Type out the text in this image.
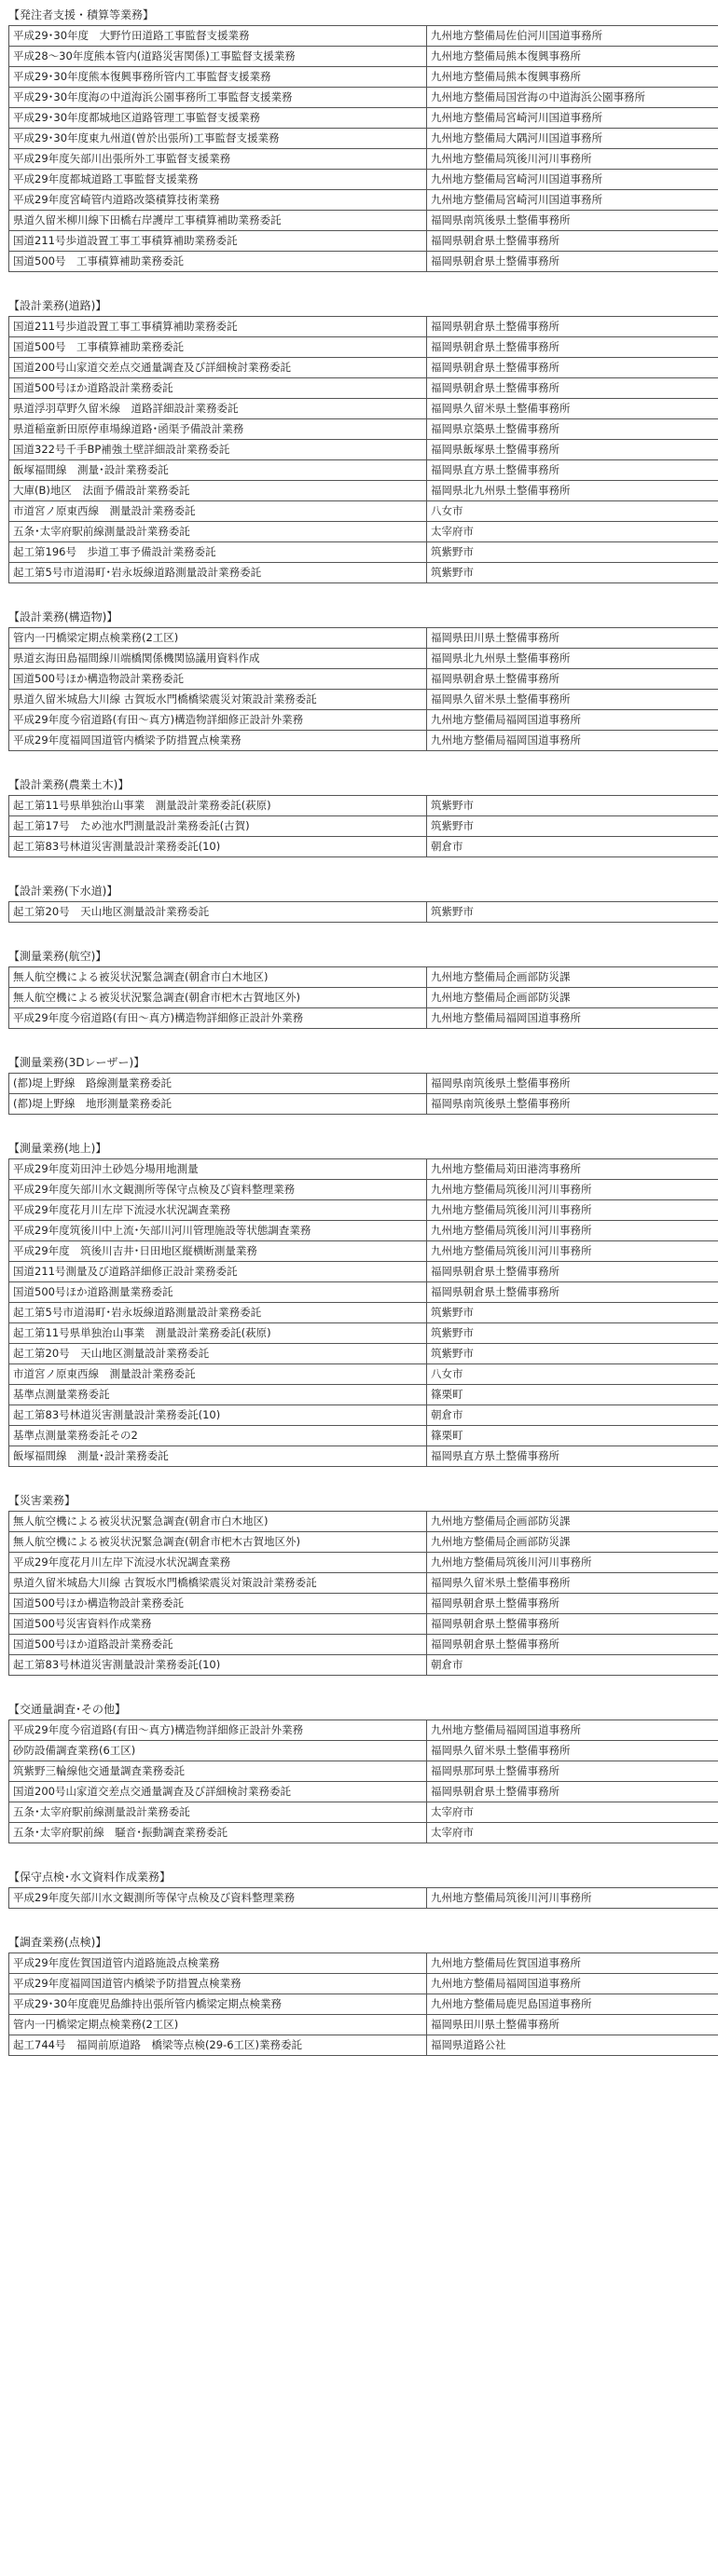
【発注者支援・積算等業務】
平成29･30年度　大野竹田道路工事監督支援業務	九州地方整備局佐伯河川国道事務所
平成28～30年度熊本管内(道路災害関係)工事監督支援業務	九州地方整備局熊本復興事務所
平成29･30年度熊本復興事務所管内工事監督支援業務	九州地方整備局熊本復興事務所
平成29･30年度海の中道海浜公園事務所工事監督支援業務	九州地方整備局国営海の中道海浜公園事務所
平成29･30年度都城地区道路管理工事監督支援業務	九州地方整備局宮崎河川国道事務所
平成29･30年度東九州道(曽於出張所)工事監督支援業務	九州地方整備局大隅河川国道事務所
平成29年度矢部川出張所外工事監督支援業務	九州地方整備局筑後川河川事務所
平成29年度都城道路工事監督支援業務	九州地方整備局宮崎河川国道事務所
平成29年度宮崎管内道路改築積算技術業務	九州地方整備局宮崎河川国道事務所
県道久留米柳川線下田橋右岸護岸工事積算補助業務委託	福岡県南筑後県土整備事務所
国道211号歩道設置工事工事積算補助業務委託	福岡県朝倉県土整備事務所
国道500号　工事積算補助業務委託	福岡県朝倉県土整備事務所
【設計業務(道路)】
国道211号歩道設置工事工事積算補助業務委託	福岡県朝倉県土整備事務所
国道500号　工事積算補助業務委託	福岡県朝倉県土整備事務所
国道200号山家道交差点交通量調査及び詳細検討業務委託	福岡県朝倉県土整備事務所
国道500号ほか道路設計業務委託	福岡県朝倉県土整備事務所
県道浮羽草野久留米線　道路詳細設計業務委託	福岡県久留米県土整備事務所
県道稲童新田原停車場線道路･函渠予備設計業務	福岡県京築県土整備事務所
国道322号千手BP補強土壁詳細設計業務委託	福岡県飯塚県土整備事務所
飯塚福間線　測量･設計業務委託	福岡県直方県土整備事務所
大庫(B)地区　法面予備設計業務委託	福岡県北九州県土整備事務所
市道宮ノ原東西線　測量設計業務委託	八女市
五条･太宰府駅前線測量設計業務委託	太宰府市
起工第196号　歩道工事予備設計業務委託	筑紫野市
起工第5号市道湯町･岩永坂線道路測量設計業務委託	筑紫野市
【設計業務(構造物)】
管内一円橋梁定期点検業務(2工区)	福岡県田川県土整備事務所
県道玄海田島福間線川端橋関係機関協議用資料作成	福岡県北九州県土整備事務所
国道500号ほか構造物設計業務委託	福岡県朝倉県土整備事務所
県道久留米城島大川線 古賀坂水門橋橋梁震災対策設計業務委託	福岡県久留米県土整備事務所
平成29年度今宿道路(有田～真方)構造物詳細修正設計外業務	九州地方整備局福岡国道事務所
平成29年度福岡国道管内橋梁予防措置点検業務	九州地方整備局福岡国道事務所
【設計業務(農業土木)】
起工第11号県単独治山事業　測量設計業務委託(萩原)	筑紫野市
起工第17号　ため池水門測量設計業務委託(古賀)	筑紫野市
起工第83号林道災害測量設計業務委託(10)	朝倉市
【設計業務(下水道)】
起工第20号　天山地区測量設計業務委託	筑紫野市
【測量業務(航空)】
無人航空機による被災状況緊急調査(朝倉市白木地区)	九州地方整備局企画部防災課
無人航空機による被災状況緊急調査(朝倉市杷木古賀地区外)	九州地方整備局企画部防災課
平成29年度今宿道路(有田～真方)構造物詳細修正設計外業務	九州地方整備局福岡国道事務所
【測量業務(3Dレーザー)】
(都)堤上野線　路線測量業務委託	福岡県南筑後県土整備事務所
(都)堤上野線　地形測量業務委託	福岡県南筑後県土整備事務所
【測量業務(地上)】
平成29年度苅田沖土砂処分場用地測量	九州地方整備局苅田港湾事務所
平成29年度矢部川水文観測所等保守点検及び資料整理業務	九州地方整備局筑後川河川事務所
平成29年度花月川左岸下流浸水状況調査業務	九州地方整備局筑後川河川事務所
平成29年度筑後川中上流･矢部川河川管理施設等状態調査業務	九州地方整備局筑後川河川事務所
平成29年度　筑後川吉井･日田地区縦横断測量業務	九州地方整備局筑後川河川事務所
国道211号測量及び道路詳細修正設計業務委託	福岡県朝倉県土整備事務所
国道500号ほか道路測量業務委託	福岡県朝倉県土整備事務所
起工第5号市道湯町･岩永坂線道路測量設計業務委託	筑紫野市
起工第11号県単独治山事業　測量設計業務委託(萩原)	筑紫野市
起工第20号　天山地区測量設計業務委託	筑紫野市
市道宮ノ原東西線　測量設計業務委託	八女市
基準点測量業務委託	篠栗町
起工第83号林道災害測量設計業務委託(10)	朝倉市
基準点測量業務委託その2	篠栗町
飯塚福間線　測量･設計業務委託	福岡県直方県土整備事務所
【災害業務】
無人航空機による被災状況緊急調査(朝倉市白木地区)	九州地方整備局企画部防災課
無人航空機による被災状況緊急調査(朝倉市杷木古賀地区外)	九州地方整備局企画部防災課
平成29年度花月川左岸下流浸水状況調査業務	九州地方整備局筑後川河川事務所
県道久留米城島大川線 古賀坂水門橋橋梁震災対策設計業務委託	福岡県久留米県土整備事務所
国道500号ほか構造物設計業務委託	福岡県朝倉県土整備事務所
国道500号災害資料作成業務	福岡県朝倉県土整備事務所
国道500号ほか道路設計業務委託	福岡県朝倉県土整備事務所
起工第83号林道災害測量設計業務委託(10)	朝倉市
【交通量調査･その他】
平成29年度今宿道路(有田～真方)構造物詳細修正設計外業務	九州地方整備局福岡国道事務所
砂防設備調査業務(6工区)	福岡県久留米県土整備事務所
筑紫野三輪線他交通量調査業務委託	福岡県那珂県土整備事務所
国道200号山家道交差点交通量調査及び詳細検討業務委託	福岡県朝倉県土整備事務所
五条･太宰府駅前線測量設計業務委託	太宰府市
五条･太宰府駅前線　騒音･振動調査業務委託	太宰府市
【保守点検･水文資料作成業務】
平成29年度矢部川水文観測所等保守点検及び資料整理業務	九州地方整備局筑後川河川事務所
【調査業務(点検)】
平成29年度佐賀国道管内道路施設点検業務	九州地方整備局佐賀国道事務所
平成29年度福岡国道管内橋梁予防措置点検業務	九州地方整備局福岡国道事務所
平成29･30年度鹿児島維持出張所管内橋梁定期点検業務	九州地方整備局鹿児島国道事務所
管内一円橋梁定期点検業務(2工区)	福岡県田川県土整備事務所
起工744号　福岡前原道路　橋梁等点検(29-6工区)業務委託	福岡県道路公社
